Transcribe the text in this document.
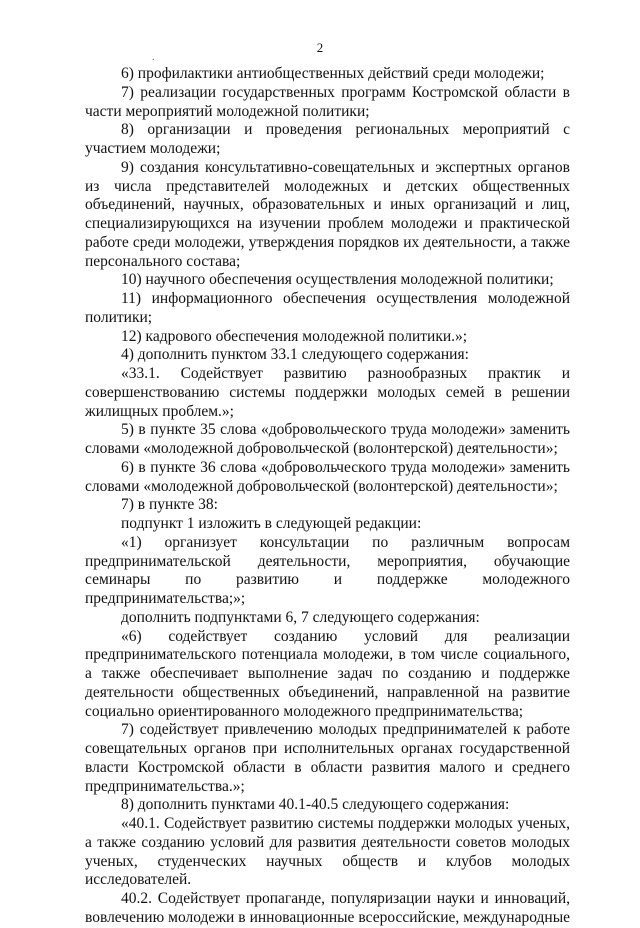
2
.

6) профилактики антиобщественных действий среди молодежи;

7) реализации государственных программ Костромской области в части мероприятий молодежной политики;

8) организации и проведения региональных мероприятий с участием молодежи;

9) создания консультативно-совещательных и экспертных органов из числа представителей молодежных и детских общественных объединений, научных, образовательных и иных организаций и лиц, специализирующихся на изучении проблем молодежи и практической работе среди молодежи, утверждения порядков их деятельности, а также персонального состава;

10) научного обеспечения осуществления молодежной политики;

11) информационного обеспечения осуществления молодежной политики;

12) кадрового обеспечения молодежной политики.»;

4) дополнить пунктом 33.1 следующего содержания:

«33.1. Содействует развитию разнообразных практик и совершенствованию системы поддержки молодых семей в решении жилищных проблем.»;

5) в пункте 35 слова «добровольческого труда молодежи» заменить словами «молодежной добровольческой (волонтерской) деятельности»;

6) в пункте 36 слова «добровольческого труда молодежи» заменить словами «молодежной добровольческой (волонтерской) деятельности»;

7) в пункте 38:

подпункт 1 изложить в следующей редакции:

«1) организует консультации по различным вопросам предпринимательской деятельности, мероприятия, обучающие семинары по развитию и поддержке молодежного предпринимательства;»;

дополнить подпунктами 6, 7 следующего содержания:

«6) содействует созданию условий для реализации предпринимательского потенциала молодежи, в том числе социального, а также обеспечивает выполнение задач по созданию и поддержке деятельности общественных объединений, направленной на развитие социально ориентированного молодежного предпринимательства;

7) содействует привлечению молодых предпринимателей к работе совещательных органов при исполнительных органах государственной власти Костромской области в области развития малого и среднего предпринимательства.»;

8) дополнить пунктами 40.1-40.5 следующего содержания:

«40.1. Содействует развитию системы поддержки молодых ученых, а также созданию условий для развития деятельности советов молодых ученых, студенческих научных обществ и клубов молодых исследователей.

40.2. Содействует пропаганде, популяризации науки и инноваций, вовлечению молодежи в инновационные всероссийские, международные
